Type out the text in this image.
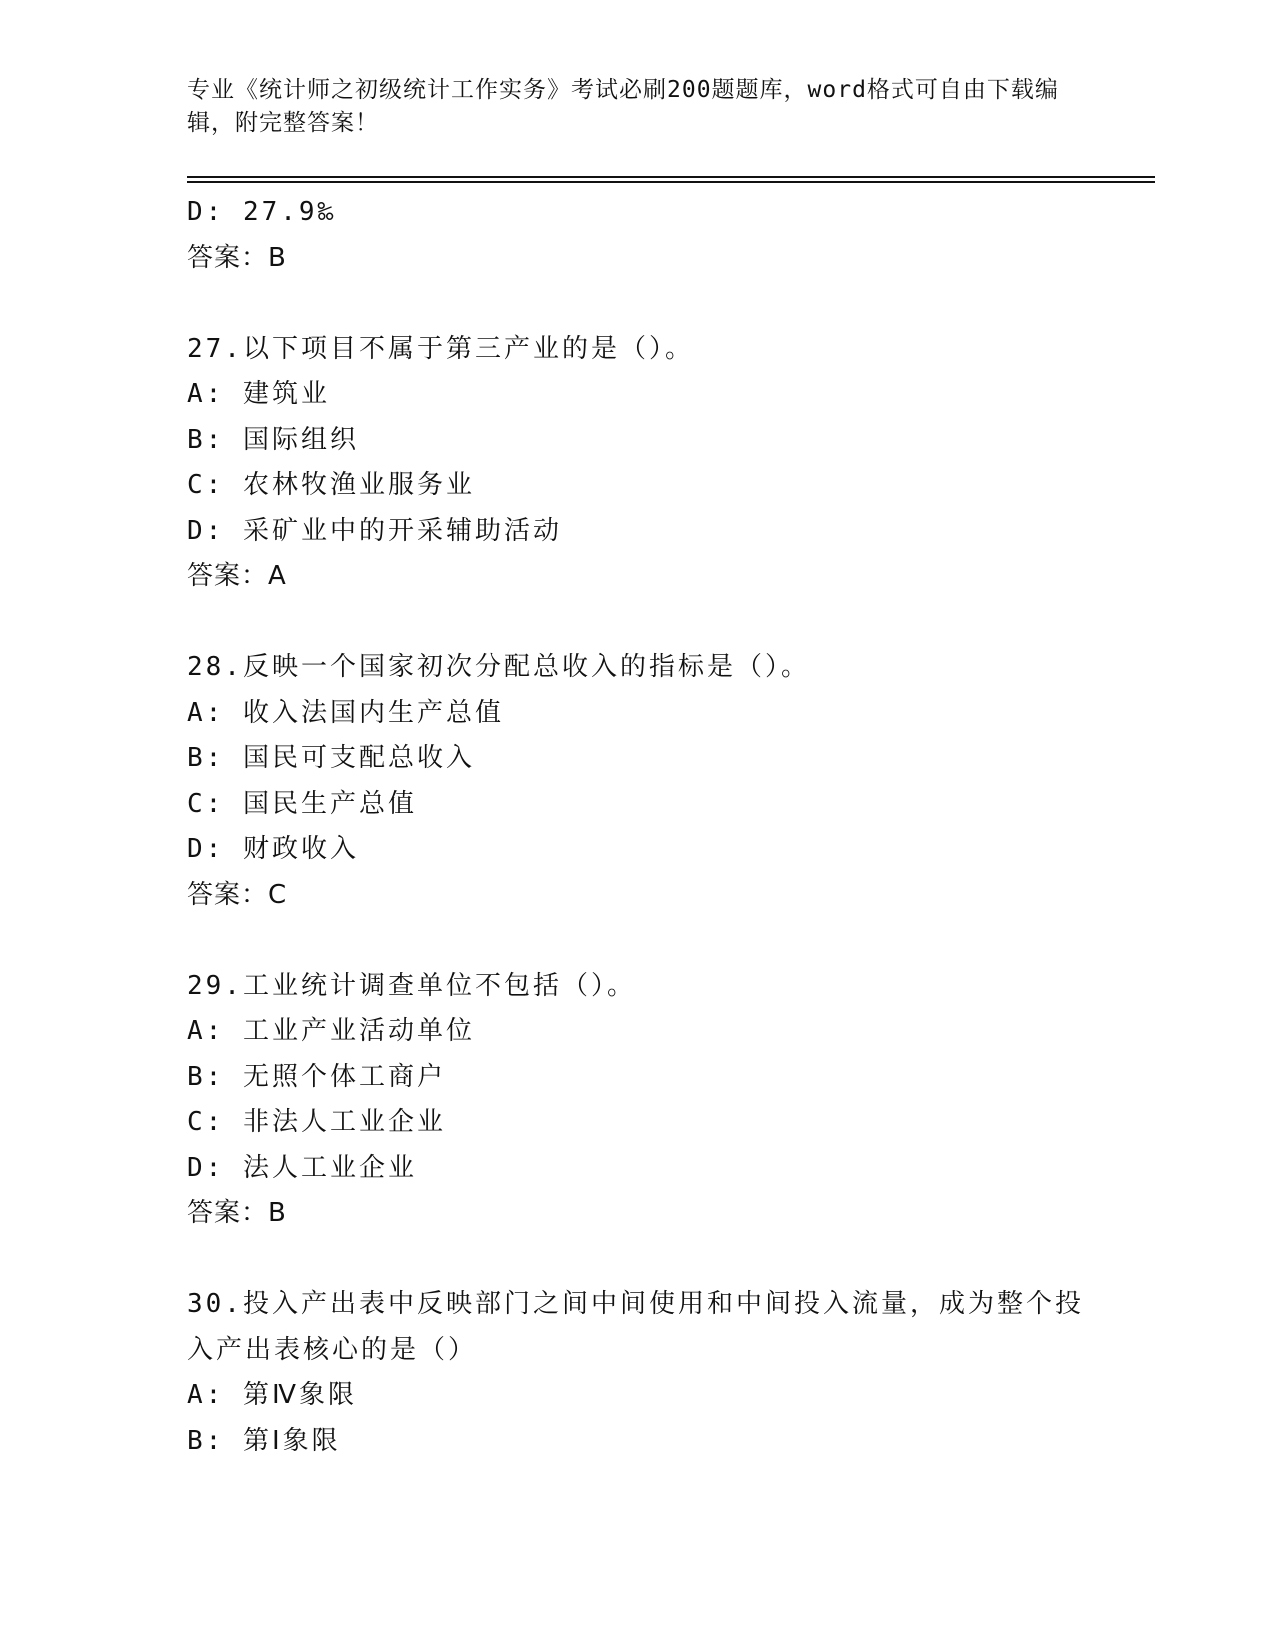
专业《统计师之初级统计工作实务》考试必刷200题题库，word格式可自由下载编辑，附完整答案！
D: 27.9‰
答案：B
27.以下项目不属于第三产业的是（）。
A: 建筑业
B: 国际组织
C: 农林牧渔业服务业
D: 采矿业中的开采辅助活动
答案：A
28.反映一个国家初次分配总收入的指标是（）。
A: 收入法国内生产总值
B: 国民可支配总收入
C: 国民生产总值
D: 财政收入
答案：C
29.工业统计调查单位不包括（）。
A: 工业产业活动单位
B: 无照个体工商户
C: 非法人工业企业
D: 法人工业企业
答案：B
30.投入产出表中反映部门之间中间使用和中间投入流量，成为整个投
入产出表核心的是（）
A: 第Ⅳ象限
B: 第Ⅰ象限
